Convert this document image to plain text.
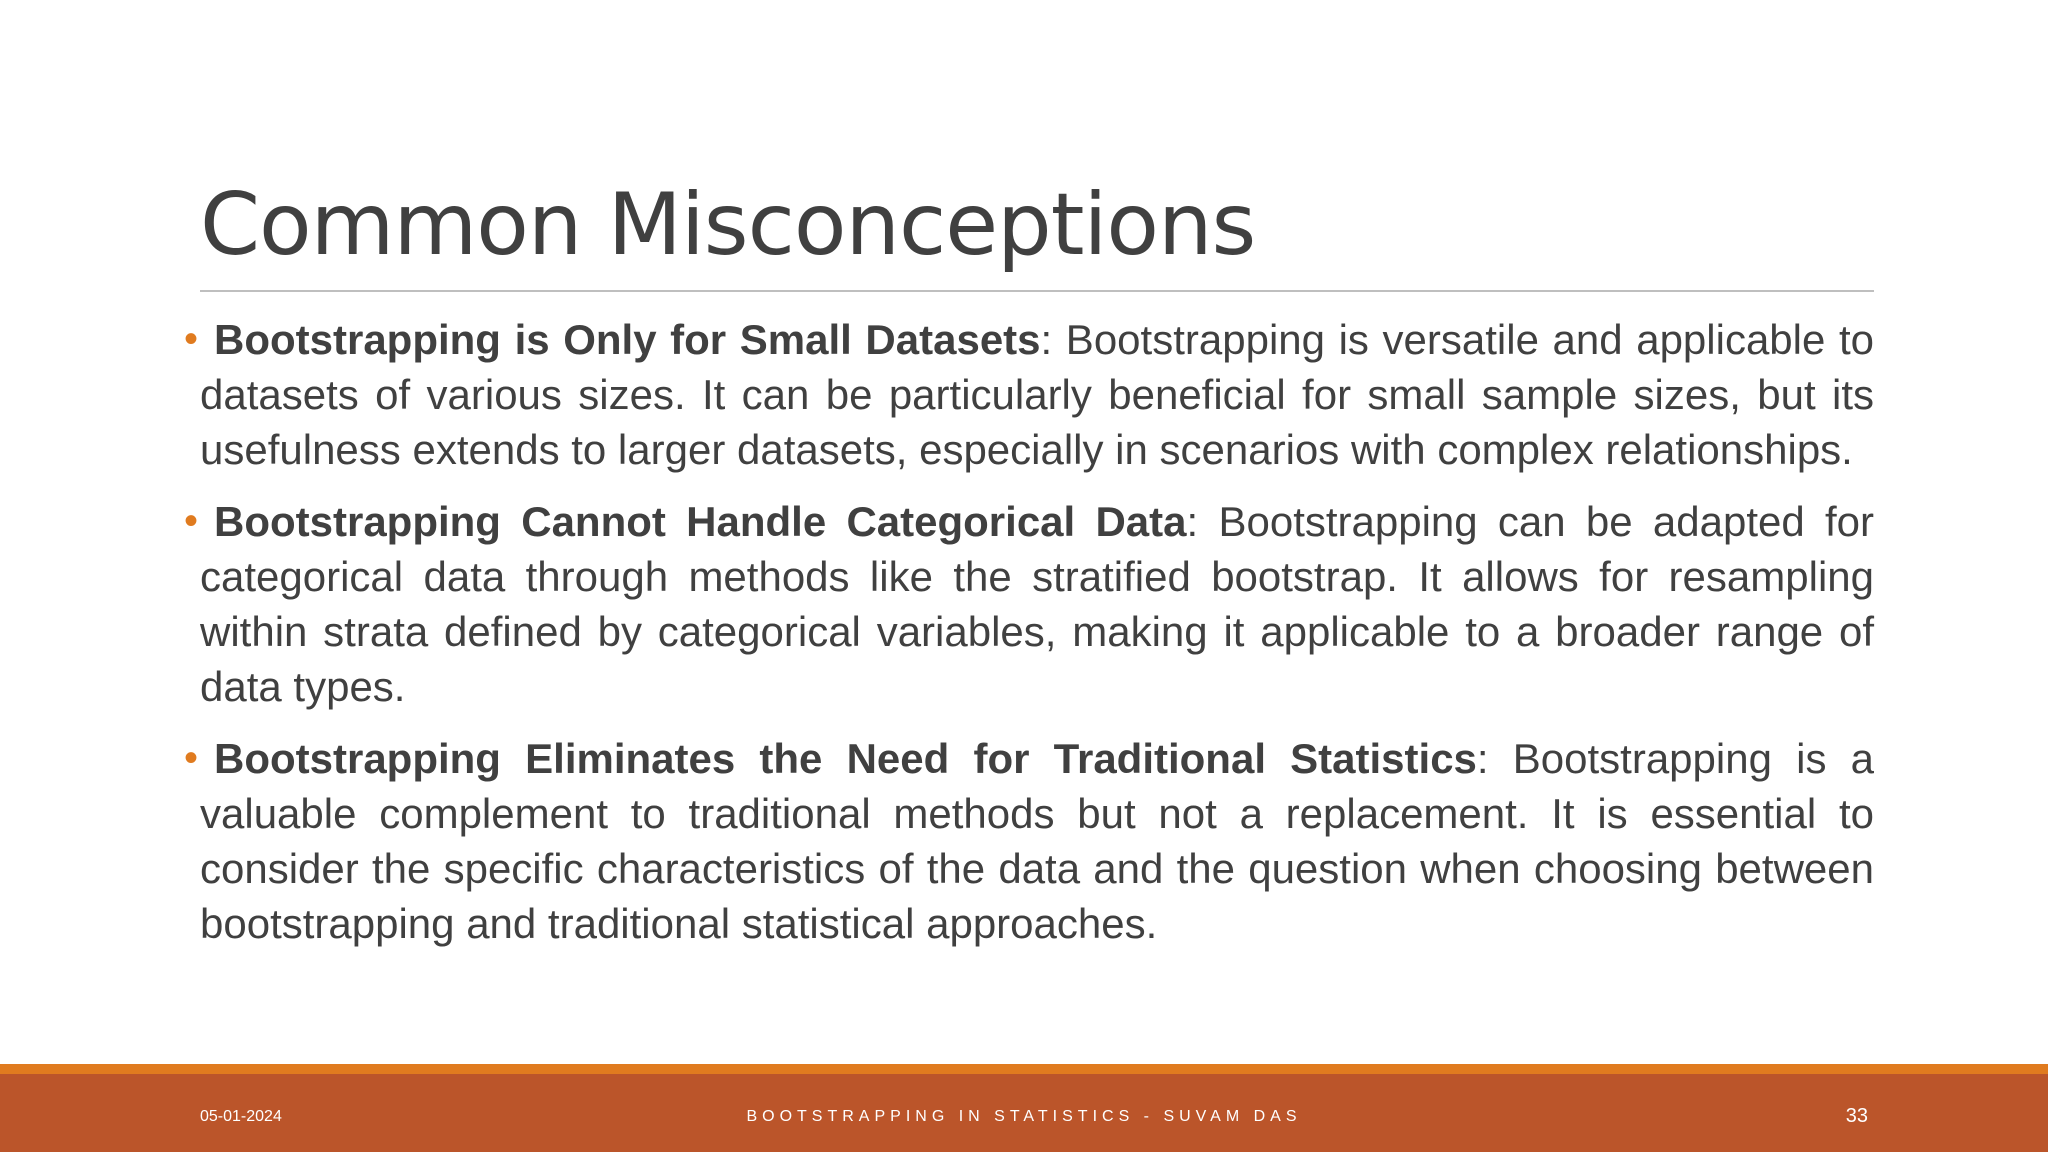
Common Misconceptions

• Bootstrapping is Only for Small Datasets: Bootstrapping is versatile and applicable to datasets of various sizes. It can be particularly beneficial for small sample sizes, but its usefulness extends to larger datasets, especially in scenarios with complex relationships.

• Bootstrapping Cannot Handle Categorical Data: Bootstrapping can be adapted for categorical data through methods like the stratified bootstrap. It allows for resampling within strata defined by categorical variables, making it applicable to a broader range of data types.

• Bootstrapping Eliminates the Need for Traditional Statistics: Bootstrapping is a valuable complement to traditional methods but not a replacement. It is essential to consider the specific characteristics of the data and the question when choosing between bootstrapping and traditional statistical approaches.

05-01-2024	BOOTSTRAPPING IN STATISTICS - SUVAM DAS	33
